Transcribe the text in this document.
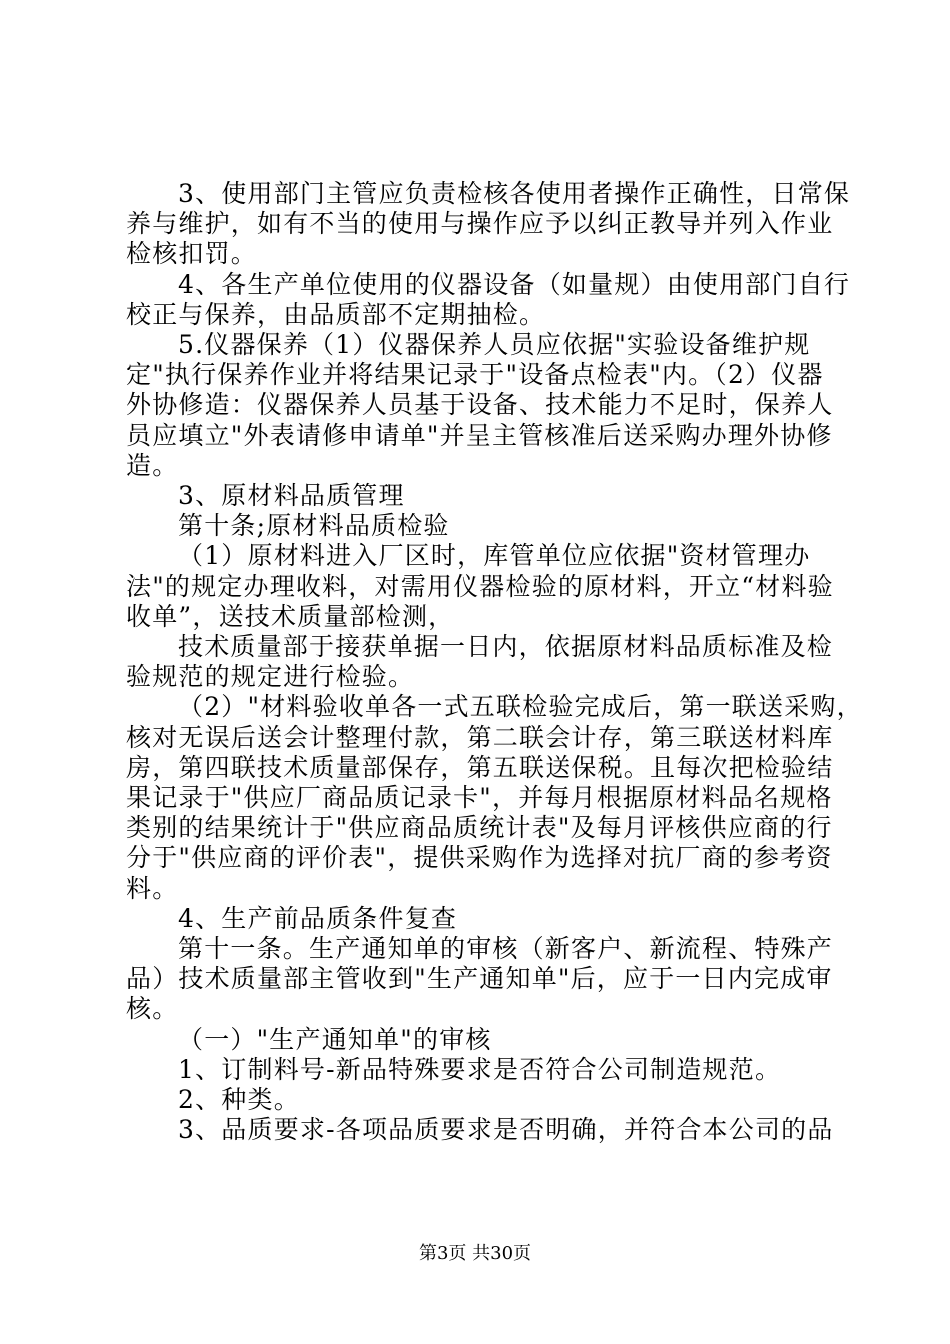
3、使用部门主管应负责检核各使用者操作正确性，日常保
养与维护，如有不当的使用与操作应予以纠正教导并列入作业
检核扣罚。
4、各生产单位使用的仪器设备（如量规）由使用部门自行
校正与保养，由品质部不定期抽检。
5.仪器保养（1）仪器保养人员应依据"实验设备维护规
定"执行保养作业并将结果记录于"设备点检表"内。（2）仪器
外协修造：仪器保养人员基于设备、技术能力不足时，保养人
员应填立"外表请修申请单"并呈主管核准后送采购办理外协修
造。
3、原材料品质管理
第十条;原材料品质检验
（1）原材料进入厂区时，库管单位应依据"资材管理办
法"的规定办理收料，对需用仪器检验的原材料，开立“材料验
收单”，送技术质量部检测，
技术质量部于接获单据一日内，依据原材料品质标准及检
验规范的规定进行检验。
（2）"材料验收单各一式五联检验完成后，第一联送采购，
核对无误后送会计整理付款，第二联会计存，第三联送材料库
房，第四联技术质量部保存，第五联送保税。且每次把检验结
果记录于"供应厂商品质记录卡"，并每月根据原材料品名规格
类别的结果统计于"供应商品质统计表"及每月评核供应商的行
分于"供应商的评价表"，提供采购作为选择对抗厂商的参考资
料。
4、生产前品质条件复查
第十一条。生产通知单的审核（新客户、新流程、特殊产
品）技术质量部主管收到"生产通知单"后，应于一日内完成审
核。
（一）"生产通知单"的审核
1、订制料号-新品特殊要求是否符合公司制造规范。
2、种类。
3、品质要求-各项品质要求是否明确，并符合本公司的品
第3页 共30页
